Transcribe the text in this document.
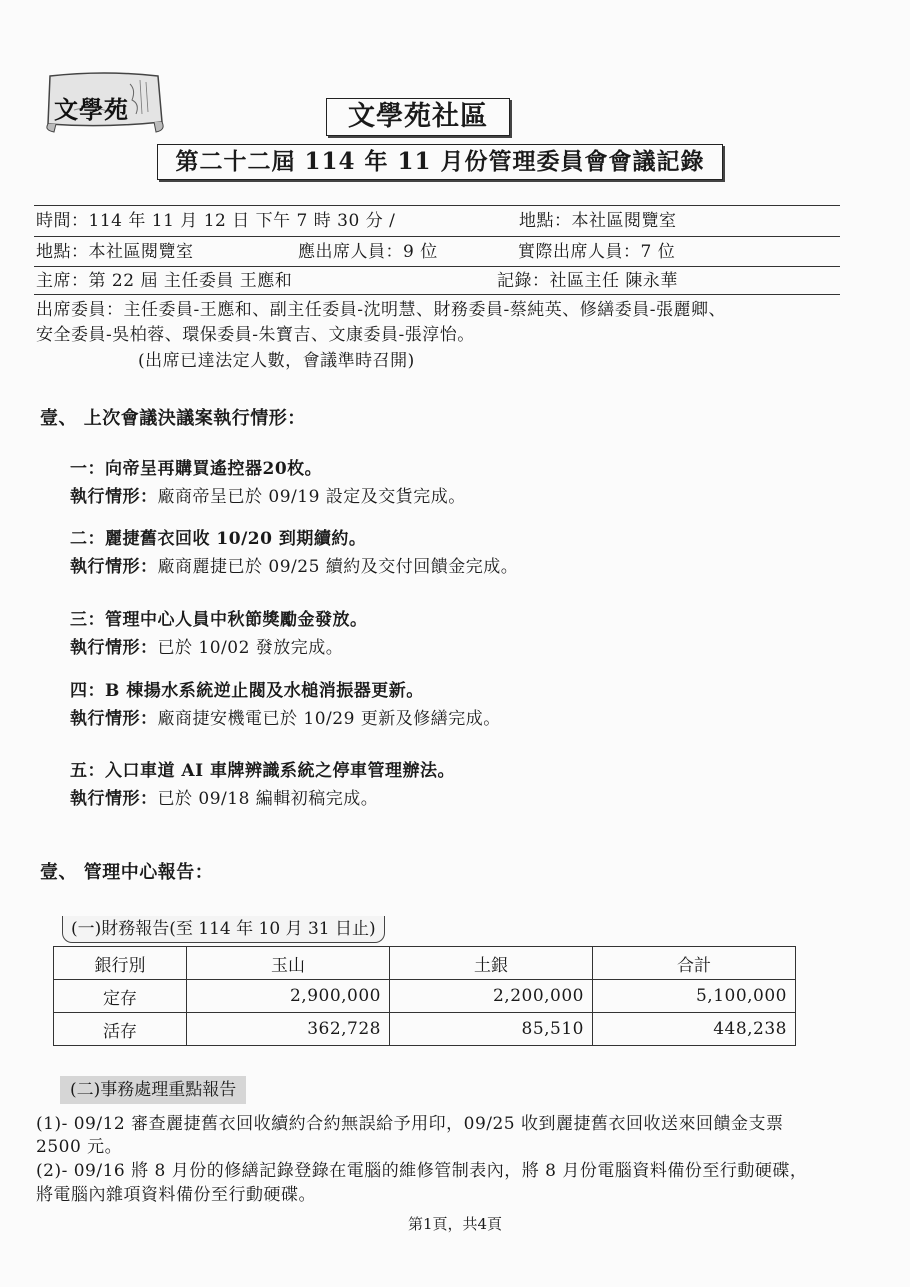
文學苑	文學苑社區
第二十二屆 114 年 11 月份管理委員會會議記錄
時間：114 年 11 月 12 日 下午 7 時 30 分 /	地點：本社區閱覽室
地點：本社區閱覽室	應出席人員：9 位	實際出席人員：7 位
主席：第 22 屆 主任委員 王應和	記錄：社區主任 陳永華
出席委員：主任委員-王應和、副主任委員-沈明慧、財務委員-蔡純英、修繕委員-張麗卿、
安全委員-吳柏蓉、環保委員-朱寶吉、文康委員-張淳怡。
(出席已達法定人數，會議準時召開)
壹、 上次會議決議案執行情形：
一：向帝呈再購買遙控器20枚。
執行情形：廠商帝呈已於 09/19 設定及交貨完成。
二：麗捷舊衣回收 10/20 到期續約。
執行情形：廠商麗捷已於 09/25 續約及交付回饋金完成。
三：管理中心人員中秋節獎勵金發放。
執行情形：已於 10/02 發放完成。
四：B 棟揚水系統逆止閥及水槌消振器更新。
執行情形：廠商捷安機電已於 10/29 更新及修繕完成。
五：入口車道 AI 車牌辨識系統之停車管理辦法。
執行情形：已於 09/18 編輯初稿完成。
壹、 管理中心報告：
(一)財務報告(至 114 年 10 月 31 日止)
銀行別	玉山	土銀	合計
定存	2,900,000	2,200,000	5,100,000
活存	362,728	85,510	448,238
(二)事務處理重點報告
(1)- 09/12 審查麗捷舊衣回收續約合約無誤給予用印，09/25 收到麗捷舊衣回收送來回饋金支票
2500 元。
(2)- 09/16 將 8 月份的修繕記錄登錄在電腦的維修管制表內，將 8 月份電腦資料備份至行動硬碟，
將電腦內雜項資料備份至行動硬碟。
第1頁，共4頁
